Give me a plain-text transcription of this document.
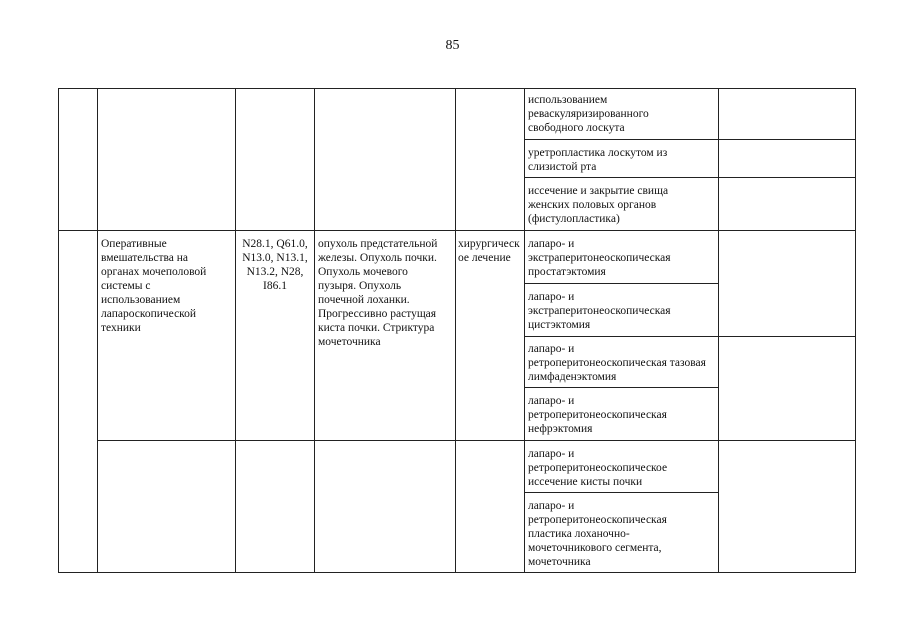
85
использованием
реваскуляризированного
свободного лоскута
уретропластика лоскутом из
слизистой рта
иссечение и закрытие свища
женских половых органов
(фистулопластика)
Оперативные
вмешательства на
органах мочеполовой
системы с
использованием
лапароскопической
техники
N28.1, Q61.0,
N13.0, N13.1,
N13.2, N28,
I86.1
опухоль предстательной
железы. Опухоль почки.
Опухоль мочевого
пузыря. Опухоль
почечной лоханки.
Прогрессивно растущая
киста почки. Стриктура
мочеточника
хирургическ
ое лечение
лапаро- и
экстраперитонеоскопическая
простатэктомия
лапаро- и
экстраперитонеоскопическая
цистэктомия
лапаро- и
ретроперитонеоскопическая тазовая
лимфаденэктомия
лапаро- и
ретроперитонеоскопическая
нефрэктомия
лапаро- и
ретроперитонеоскопическое
иссечение кисты почки
лапаро- и
ретроперитонеоскопическая
пластика лоханочно-
мочеточникового сегмента,
мочеточника
